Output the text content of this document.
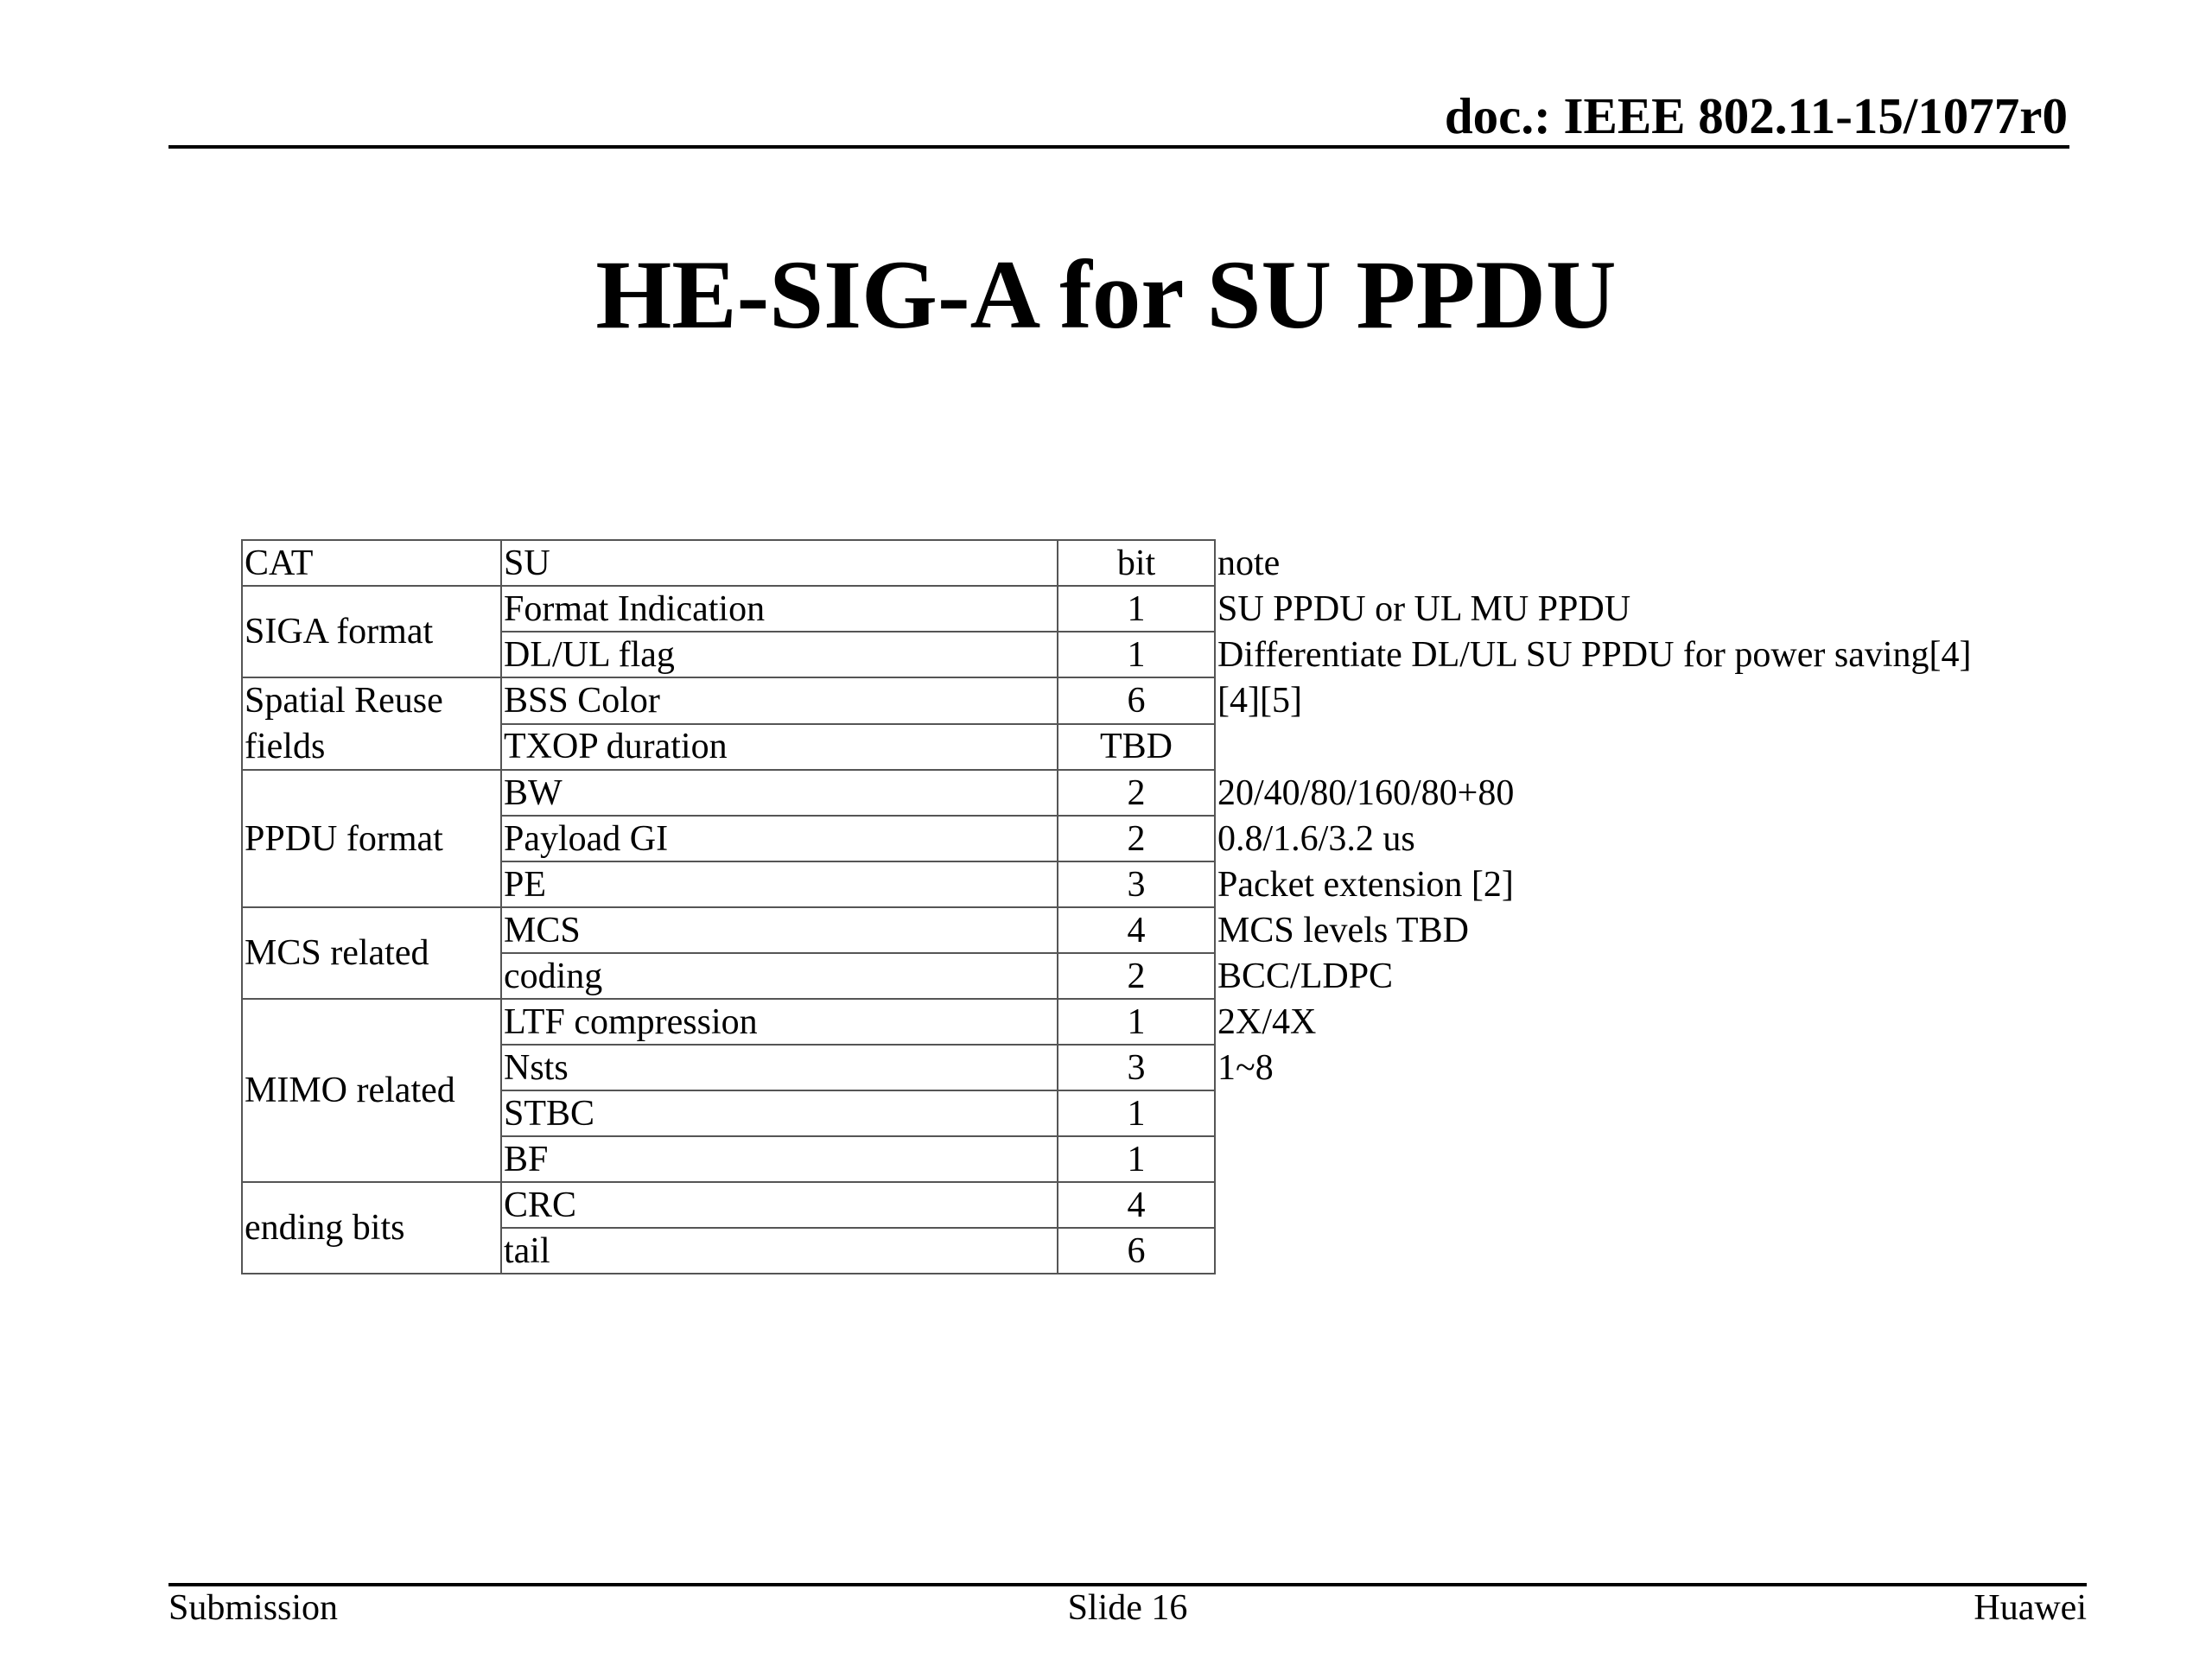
doc.: IEEE 802.11-15/1077r0
HE-SIG-A for SU PPDU
CAT	SU	bit	note
SIGA format	Format Indication	1	SU PPDU or UL MU PPDU
	DL/UL flag	1	Differentiate DL/UL SU PPDU for power saving[4]
Spatial Reuse fields	BSS Color	6	[4][5]
	TXOP duration	TBD	
PPDU format	BW	2	20/40/80/160/80+80
	Payload GI	2	0.8/1.6/3.2 us
	PE	3	Packet extension [2]
MCS related	MCS	4	MCS levels TBD
	coding	2	BCC/LDPC
MIMO related	LTF compression	1	2X/4X
	Nsts	3	1~8
	STBC	1	
	BF	1	
ending bits	CRC	4	
	tail	6	
Submission	Slide 16	Huawei
